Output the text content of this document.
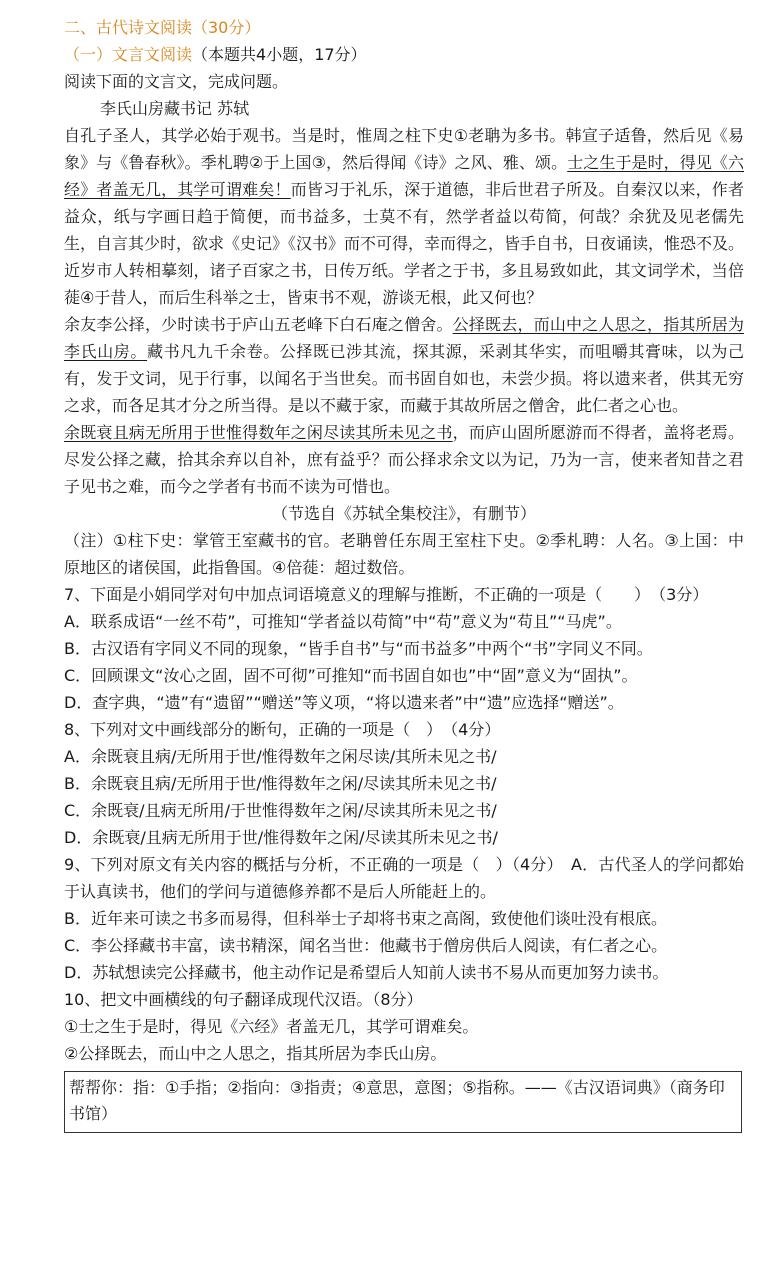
二、古代诗文阅读（30分）
（一）文言文阅读（本题共4小题，17分）
阅读下面的文言文，完成问题。
李氏山房藏书记 苏轼

自孔子圣人，其学必始于观书。当是时，惟周之柱下史①老聃为多书。韩宣子适鲁，然后见《易象》与《鲁春秋》。季札聘②于上国③，然后得闻《诗》之风、雅、颂。士之生于是时，得见《六经》者盖无几，其学可谓难矣！而皆习于礼乐，深于道德，非后世君子所及。自秦汉以来，作者益众，纸与字画日趋于简便，而书益多，士莫不有，然学者益以苟简，何哉？余犹及见老儒先生，自言其少时，欲求《史记》《汉书》而不可得，幸而得之，皆手自书，日夜诵读，惟恐不及。近岁市人转相摹刻，诸子百家之书，日传万纸。学者之于书，多且易致如此，其文词学术，当倍蓰④于昔人，而后生科举之士，皆束书不观，游谈无根，此又何也？

余友李公择，少时读书于庐山五老峰下白石庵之僧舍。公择既去，而山中之人思之，指其所居为李氏山房。藏书凡九千余卷。公择既已涉其流，探其源，采剥其华实，而咀嚼其膏味，以为己有，发于文词，见于行事，以闻名于当世矣。而书固自如也，未尝少损。将以遗来者，供其无穷之求，而各足其才分之所当得。是以不藏于家，而藏于其故所居之僧舍，此仁者之心也。

余既衰且病无所用于世惟得数年之闲尽读其所未见之书，而庐山固所愿游而不得者，盖将老焉。尽发公择之藏，拾其余弃以自补，庶有益乎？而公择求余文以为记，乃为一言，使来者知昔之君子见书之难，而今之学者有书而不读为可惜也。

（节选自《苏轼全集校注》，有删节）

（注）①柱下史：掌管王室藏书的官。老聃曾任东周王室柱下史。②季札聘：人名。③上国：中原地区的诸侯国，此指鲁国。④倍蓰：超过数倍。

7、下面是小娟同学对句中加点词语境意义的理解与推断，不正确的一项是（　　）　（3分）

A．联系成语“一丝不苟”，可推知“学者益以苟简”中“苟”意义为“苟且”“马虎”。
B．古汉语有字同义不同的现象，“皆手自书”与“而书益多”中两个“书”字同义不同。
C．回顾课文“汝心之固，固不可彻”可推知“而书固自如也”中“固”意义为“固执”。
D．查字典，“遗”有“遗留”“赠送”等义项，“将以遗来者”中“遗”应选择“赠送”。
8、下列对文中画线部分的断句，正确的一项是（　）　（4分）
A．余既衰且病/无所用于世/惟得数年之闲尽读/其所未见之书/
B．余既衰且病/无所用于世/惟得数年之闲/尽读其所未见之书/
C．余既衰/且病无所用/于世惟得数年之闲/尽读其所未见之书/
D．余既衰/且病无所用于世/惟得数年之闲/尽读其所未见之书/

9、下列对原文有关内容的概括与分析，不正确的一项是（　）（4分）　A．古代圣人的学问都始于认真读书，他们的学问与道德修养都不是后人所能赶上的。

B．近年来可读之书多而易得，但科举士子却将书束之高阁，致使他们谈吐没有根底。
C．李公择藏书丰富，读书精深，闻名当世：他藏书于僧房供后人阅读，有仁者之心。
D．苏轼想读完公择藏书，他主动作记是希望后人知前人读书不易从而更加努力读书。
10、把文中画横线的句子翻译成现代汉语。（8分）
①士之生于是时，得见《六经》者盖无几，其学可谓难矣。
②公择既去，而山中之人思之，指其所居为李氏山房。
帮帮你：指：①手指；②指向：③指责；④意思，意图；⑤指称。——《古汉语词典》（商务印书馆）
